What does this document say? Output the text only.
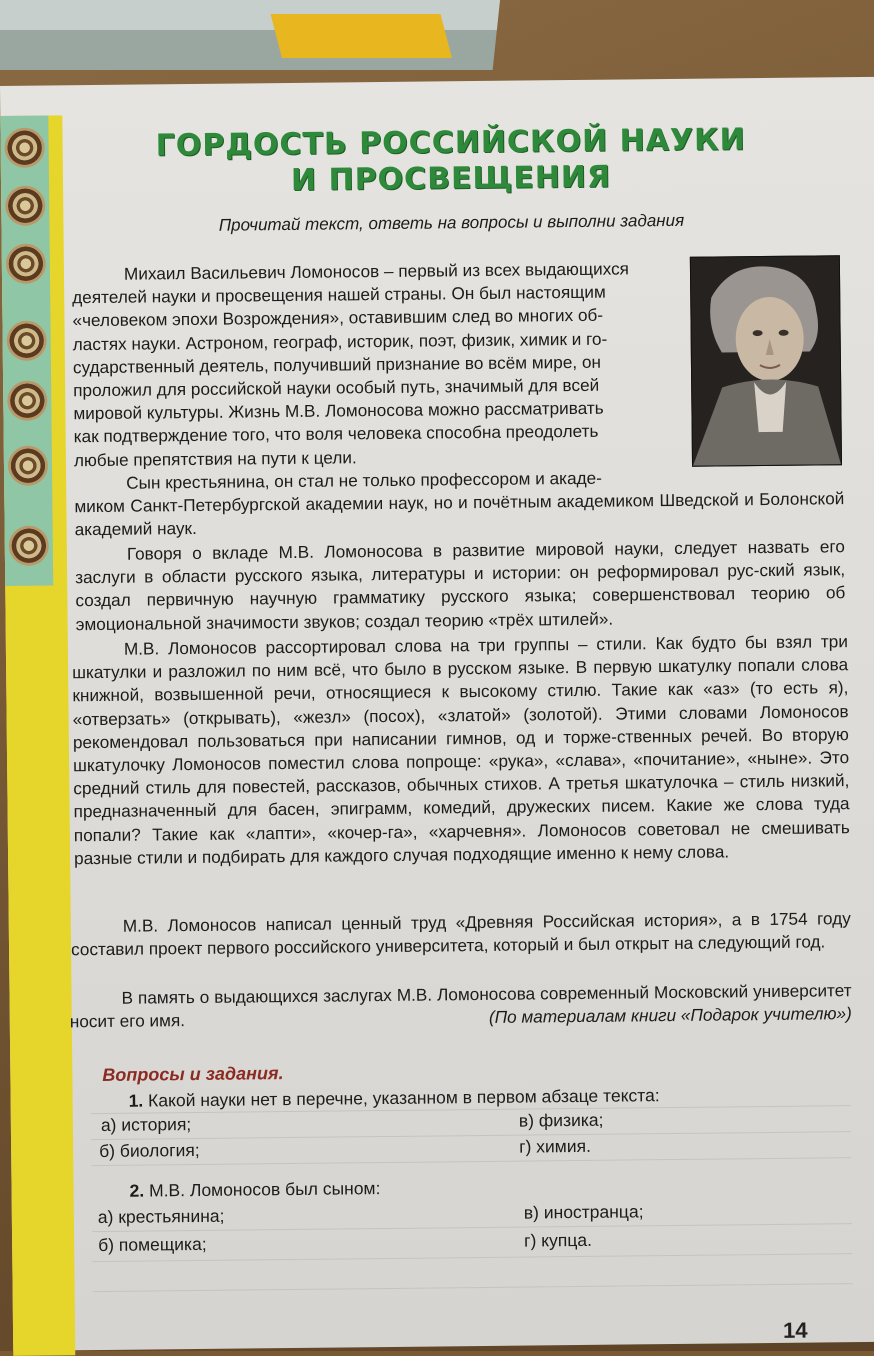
ГОРДОСТЬ РОССИЙСКОЙ НАУКИ
И ПРОСВЕЩЕНИЯ
Прочитай текст, ответь на вопросы и выполни задания
Михаил Васильевич Ломоносов – первый из всех выдающихся
деятелей науки и просвещения нашей страны. Он был настоящим
«человеком эпохи Возрождения», оставившим след во многих об-
ластях науки. Астроном, географ, историк, поэт, физик, химик и го-
сударственный деятель, получивший признание во всём мире, он
проложил для российской науки особый путь, значимый для всей
мировой культуры. Жизнь М.В. Ломоносова можно рассматривать
как подтверждение того, что воля человека способна преодолеть
любые препятствия на пути к цели.
Сын крестьянина, он стал не только профессором и акаде-
миком Санкт-Петербургской академии наук, но и почётным академиком Шведской и Болонской академий наук.
Говоря о вкладе М.В. Ломоносова в развитие мировой науки, следует назвать его заслуги в области русского языка, литературы и истории: он реформировал рус-ский язык, создал первичную научную грамматику русского языка; совершенствовал теорию об эмоциональной значимости звуков; создал теорию «трёх штилей».
М.В. Ломоносов рассортировал слова на три группы – стили. Как будто бы взял три шкатулки и разложил по ним всё, что было в русском языке. В первую шкатулку попали слова книжной, возвышенной речи, относящиеся к высокому стилю. Такие как «аз» (то есть я), «отверзать» (открывать), «жезл» (посох), «златой» (золотой). Этими словами Ломоносов рекомендовал пользоваться при написании гимнов, од и торже-ственных речей. Во вторую шкатулочку Ломоносов поместил слова попроще: «рука», «слава», «почитание», «ныне». Это средний стиль для повестей, рассказов, обычных стихов. А третья шкатулочка – стиль низкий, предназначенный для басен, эпиграмм, комедий, дружеских писем. Какие же слова туда попали? Такие как «лапти», «кочер-га», «харчевня». Ломоносов советовал не смешивать разные стили и подбирать для каждого случая подходящие именно к нему слова.
М.В. Ломоносов написал ценный труд «Древняя Российская история», а в 1754 году составил проект первого российского университета, который и был открыт на следующий год.
В память о выдающихся заслугах М.В. Ломоносова современный Московский университет носит его имя.	(По материалам книги «Подарок учителю»)
Вопросы и задания.
1. Какой науки нет в перечне, указанном в первом абзаце текста:
а) история;	в) физика;
б) биология;	г) химия.
2. М.В. Ломоносов был сыном:
а) крестьянина;	в) иностранца;
б) помещика;	г) купца.
14
